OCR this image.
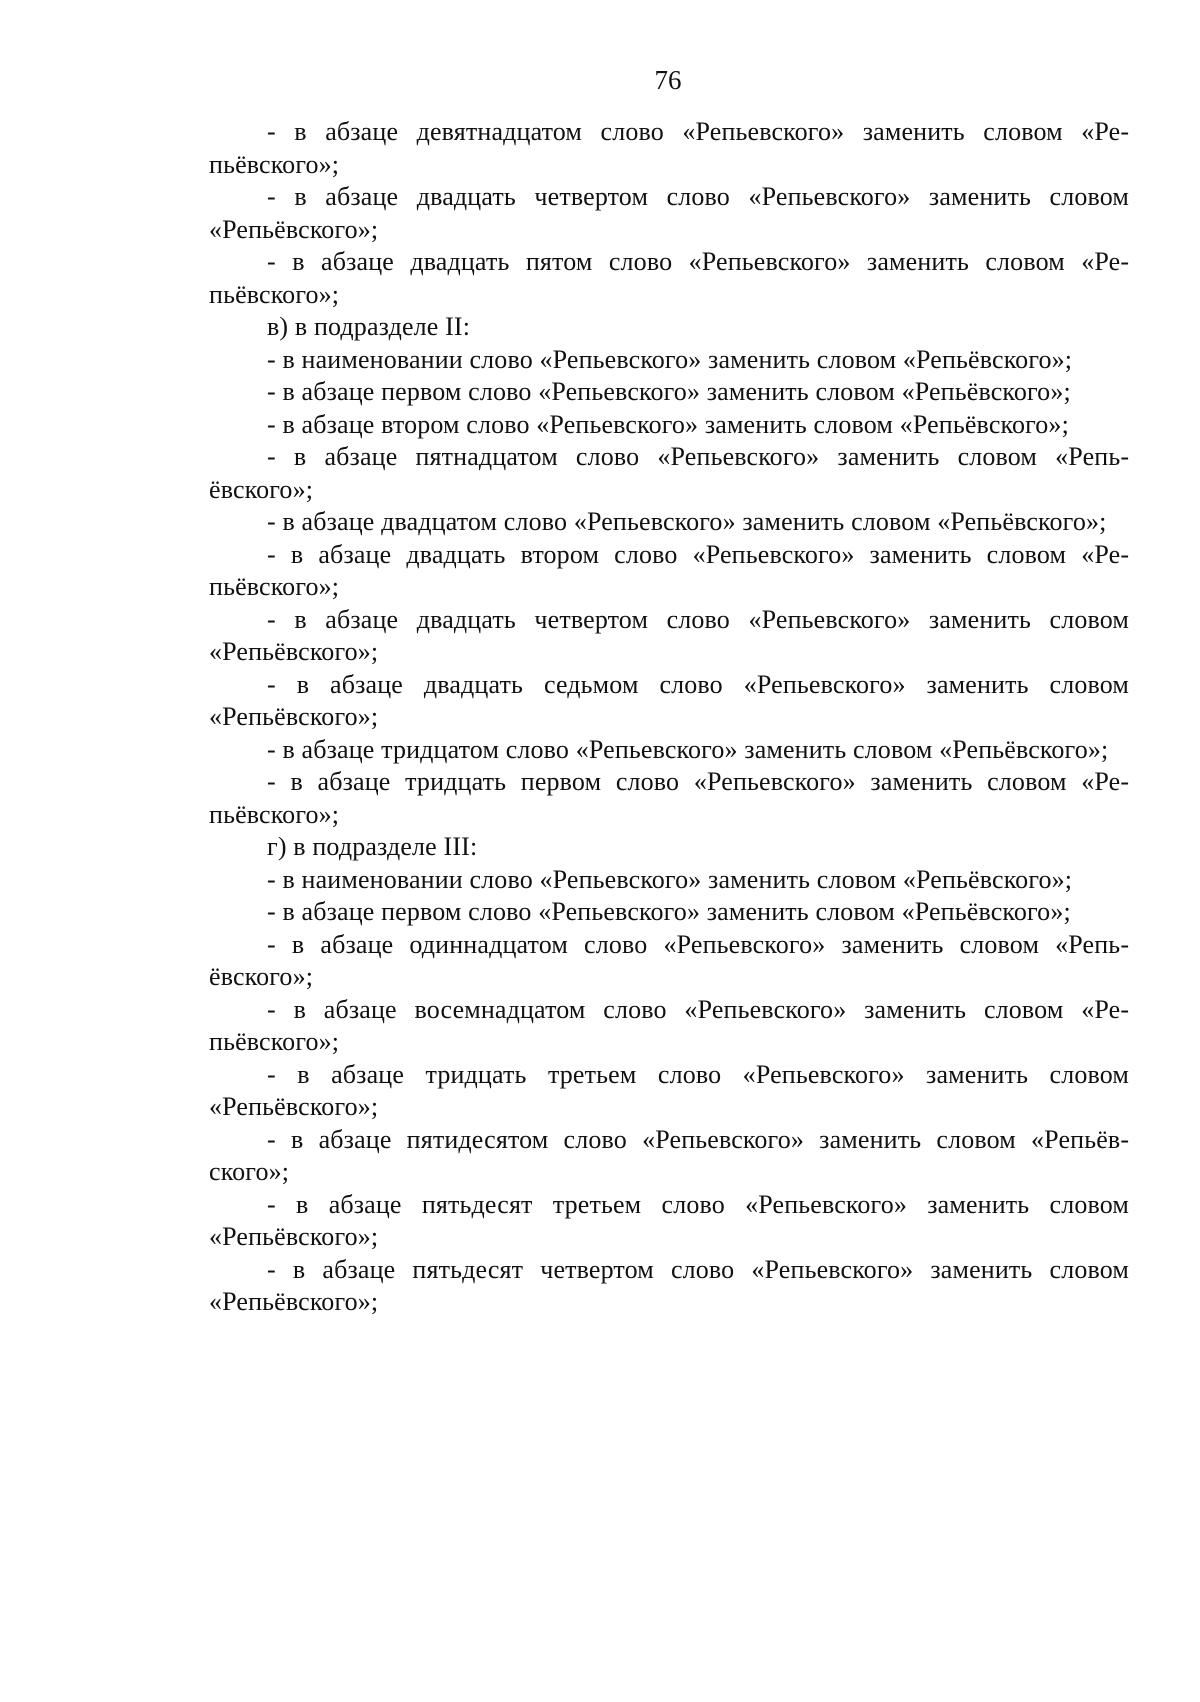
76

- в абзаце девятнадцатом слово «Репьевского» заменить словом «Репьёвского»;

- в абзаце двадцать четвертом слово «Репьевского» заменить словом «Репьёвского»;

- в абзаце двадцать пятом слово «Репьевского» заменить словом «Репьёвского»;

в) в подразделе II:

- в наименовании слово «Репьевского» заменить словом «Репьёвского»;

- в абзаце первом слово «Репьевского» заменить словом «Репьёвского»;

- в абзаце втором слово «Репьевского» заменить словом «Репьёвского»;

- в абзаце пятнадцатом слово «Репьевского» заменить словом «Репьёвского»;

- в абзаце двадцатом слово «Репьевского» заменить словом «Репьёвского»;

- в абзаце двадцать втором слово «Репьевского» заменить словом «Репьёвского»;

- в абзаце двадцать четвертом слово «Репьевского» заменить словом «Репьёвского»;

- в абзаце двадцать седьмом слово «Репьевского» заменить словом «Репьёвского»;

- в абзаце тридцатом слово «Репьевского» заменить словом «Репьёвского»;

- в абзаце тридцать первом слово «Репьевского» заменить словом «Репьёвского»;

г) в подразделе III:

- в наименовании слово «Репьевского» заменить словом «Репьёвского»;

- в абзаце первом слово «Репьевского» заменить словом «Репьёвского»;

- в абзаце одиннадцатом слово «Репьевского» заменить словом «Репьёвского»;

- в абзаце восемнадцатом слово «Репьевского» заменить словом «Репьёвского»;

- в абзаце тридцать третьем слово «Репьевского» заменить словом «Репьёвского»;

- в абзаце пятидесятом слово «Репьевского» заменить словом «Репьёвского»;

- в абзаце пятьдесят третьем слово «Репьевского» заменить словом «Репьёвского»;

- в абзаце пятьдесят четвертом слово «Репьевского» заменить словом «Репьёвского»;
